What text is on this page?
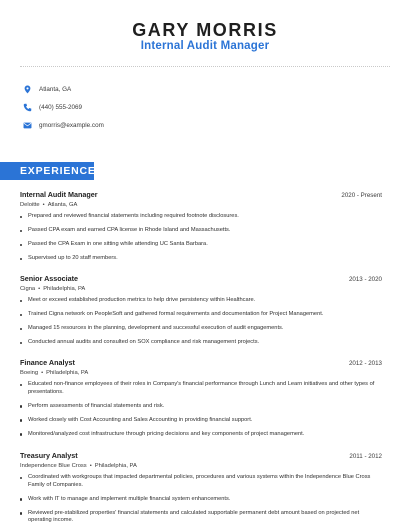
GARY MORRIS
Internal Audit Manager
Atlanta, GA
(440) 555-2069
gmorris@example.com
EXPERIENCE
Internal Audit Manager	2020 - Present
Deloitte • Atlanta, GA
Prepared and reviewed financial statements including required footnote disclosures.
Passed CPA exam and earned CPA license in Rhode Island and Massachusetts.
Passed the CPA Exam in one sitting while attending UC Santa Barbara.
Supervised up to 20 staff members.
Senior Associate	2013 - 2020
Cigna • Philadelphia, PA
Meet or exceed established production metrics to help drive persistency within Healthcare.
Trained Cigna network on PeopleSoft and gathered formal requirements and documentation for Project Management.
Managed 15 resources in the planning, development and successful execution of audit engagements.
Conducted annual audits and consulted on SOX compliance and risk management projects.
Finance Analyst	2012 - 2013
Boeing • Philadelphia, PA
Educated non-finance employees of their roles in Company's financial performance through Lunch and Learn initiatives and other types of presentations.
Perform assessments of financial statements and risk.
Worked closely with Cost Accounting and Sales Accounting in providing financial support.
Monitored/analyzed cost infrastructure through pricing decisions and key components of project management.
Treasury Analyst	2011 - 2012
Independence Blue Cross • Philadelphia, PA
Coordinated with workgroups that impacted departmental policies, procedures and various systems within the Independence Blue Cross Family of Companies.
Work with IT to manage and implement multiple financial system enhancements.
Reviewed pre-stabilized properties' financial statements and calculated supportable permanent debt amount based on projected net operating income.
